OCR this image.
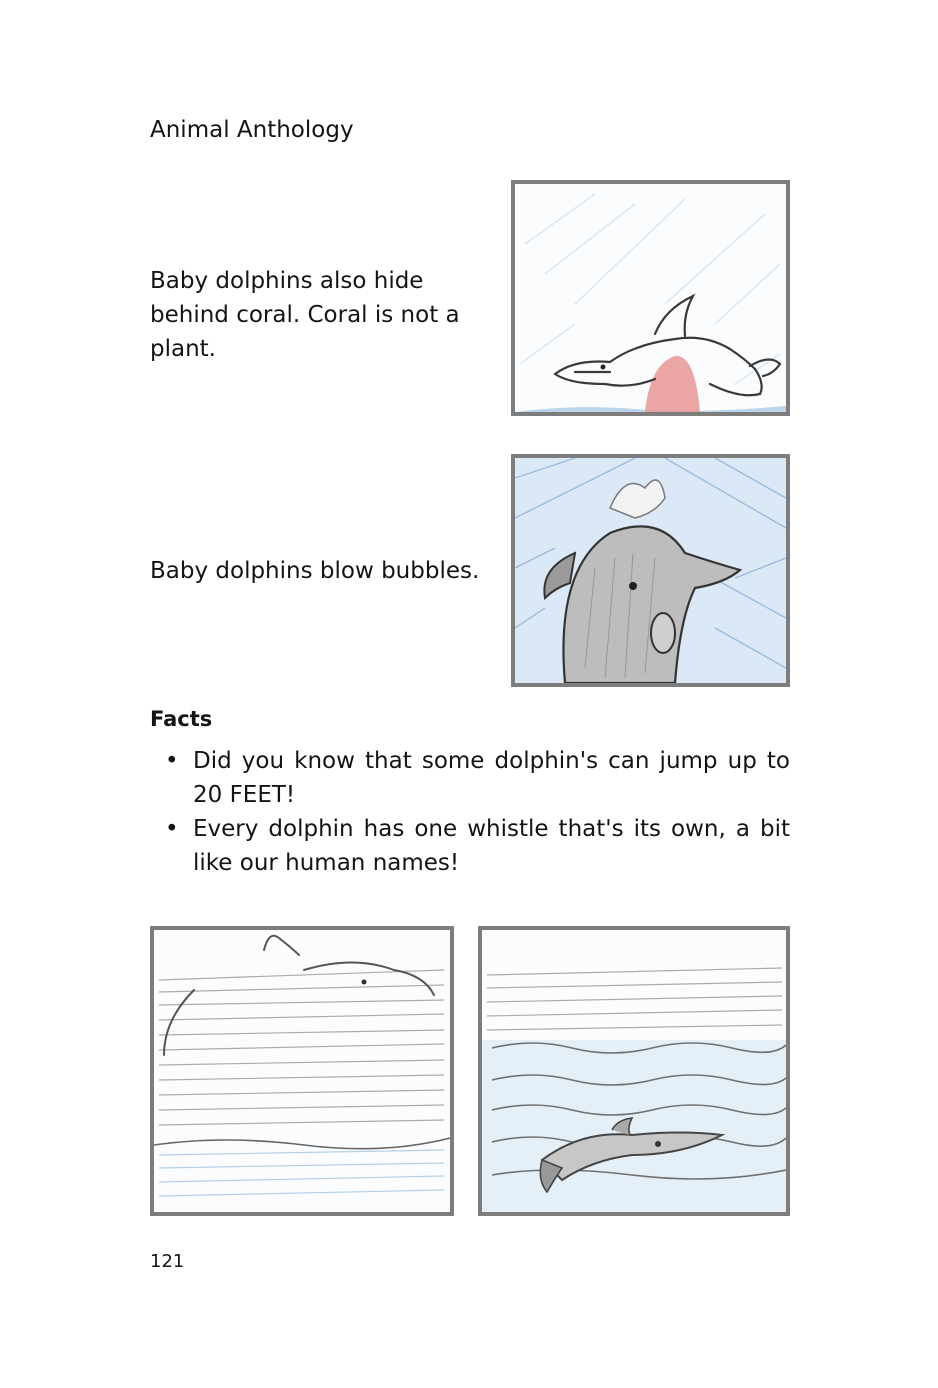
Animal Anthology
Baby dolphins also hide behind coral. Coral is not a plant.
Baby dolphins blow bubbles.
Facts
• Did you know that some dolphin's can jump up to 20 FEET!
• Every dolphin has one whistle that's its own, a bit like our human names!
121
